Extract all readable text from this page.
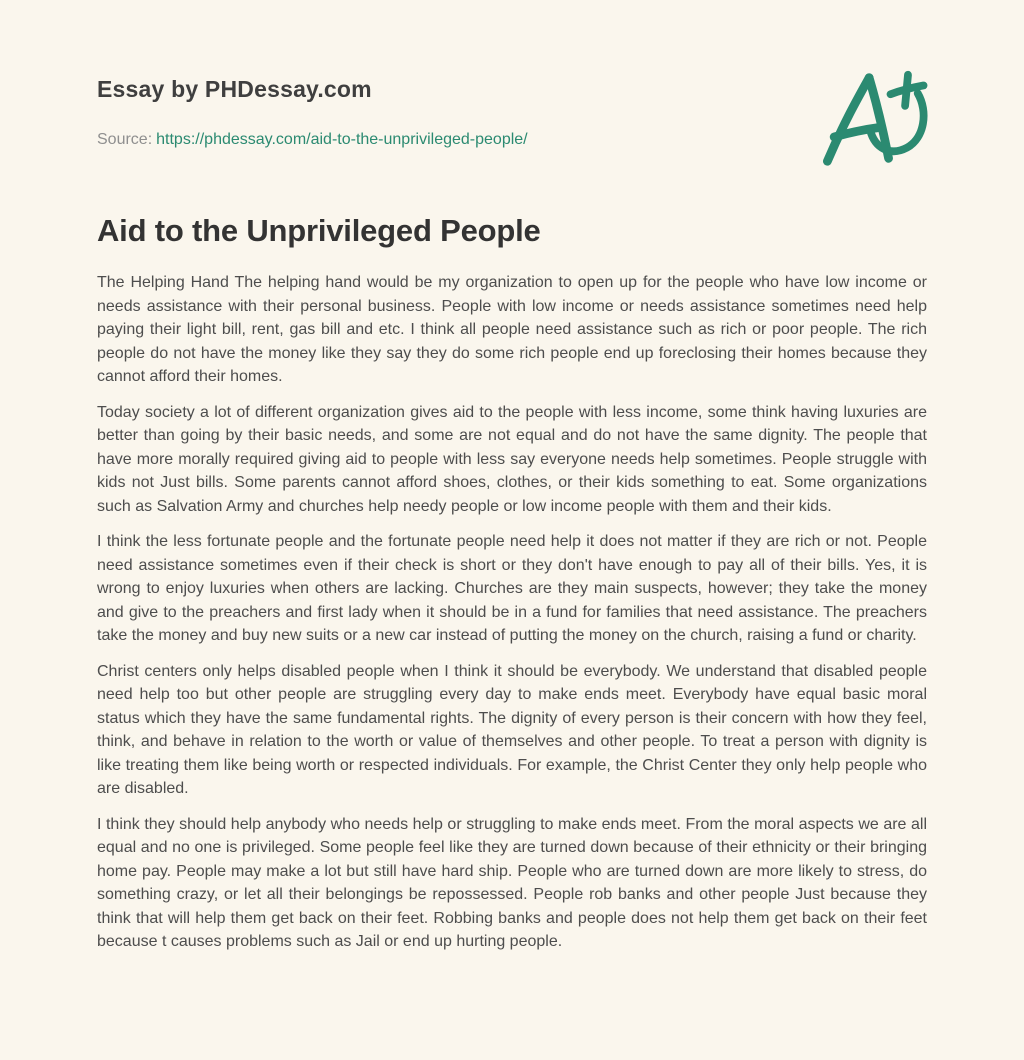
Essay by PHDessay.com
Source: https://phdessay.com/aid-to-the-unprivileged-people/
Aid to the Unprivileged People

The Helping Hand The helping hand would be my organization to open up for the people who have low income or needs assistance with their personal business. People with low income or needs assistance sometimes need help paying their light bill, rent, gas bill and etc. I think all people need assistance such as rich or poor people. The rich people do not have the money like they say they do some rich people end up foreclosing their homes because they cannot afford their homes.

Today society a lot of different organization gives aid to the people with less income, some think having luxuries are better than going by their basic needs, and some are not equal and do not have the same dignity. The people that have more morally required giving aid to people with less say everyone needs help sometimes. People struggle with kids not Just bills. Some parents cannot afford shoes, clothes, or their kids something to eat. Some organizations such as Salvation Army and churches help needy people or low income people with them and their kids.

I think the less fortunate people and the fortunate people need help it does not matter if they are rich or not. People need assistance sometimes even if their check is short or they don't have enough to pay all of their bills. Yes, it is wrong to enjoy luxuries when others are lacking. Churches are they main suspects, however; they take the money and give to the preachers and first lady when it should be in a fund for families that need assistance. The preachers take the money and buy new suits or a new car instead of putting the money on the church, raising a fund or charity.

Christ centers only helps disabled people when I think it should be everybody. We understand that disabled people need help too but other people are struggling every day to make ends meet. Everybody have equal basic moral status which they have the same fundamental rights. The dignity of every person is their concern with how they feel, think, and behave in relation to the worth or value of themselves and other people. To treat a person with dignity is like treating them like being worth or respected individuals. For example, the Christ Center they only help people who are disabled.

I think they should help anybody who needs help or struggling to make ends meet. From the moral aspects we are all equal and no one is privileged. Some people feel like they are turned down because of their ethnicity or their bringing home pay. People may make a lot but still have hard ship. People who are turned down are more likely to stress, do something crazy, or let all their belongings be repossessed. People rob banks and other people Just because they think that will help them get back on their feet. Robbing banks and people does not help them get back on their feet because t causes problems such as Jail or end up hurting people.
